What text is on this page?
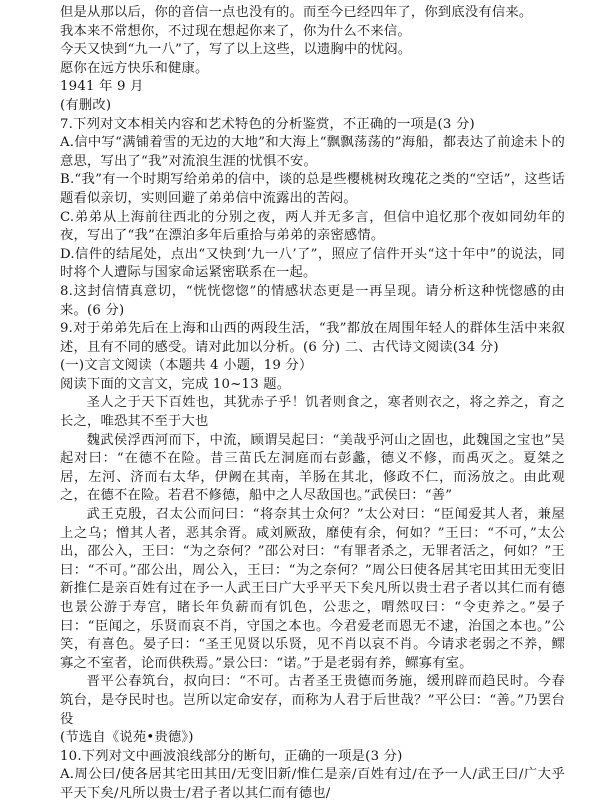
但是从那以后，你的音信一点也没有的。而至今已经四年了，你到底没有信来。
我本来不常想你，不过现在想起你来了，你为什么不来信。
今天又快到“九一八”了，写了以上这些，以遗胸中的忧闷。
愿你在远方快乐和健康。
1941 年 9 月
(有删改)
7.下列对文本相关内容和艺术特色的分析鉴赏，不正确的一项是(3 分)
A.信中写“满铺着雪的无边的大地”和大海上“飘飘荡荡的”海船，都表达了前途未卜的意思，写出了“我”对流浪生涯的忧惧不安。
B.“我”有一个时期写给弟弟的信中，谈的总是些樱桃树玫瑰花之类的“空话”，这些话题看似亲切，实则回避了弟弟信中流露出的苦闷。
C.弟弟从上海前往西北的分别之夜，两人并无多言，但信中追忆那个夜如同幼年的夜，写出了“我”在漂泊多年后重拾与弟弟的亲密感情。
D.信件的结尾处，点出“又快到‘九一八’了”，照应了信件开头“这十年中”的说法，同时将个人遭际与国家命运紧密联系在一起。
8.这封信情真意切，“恍恍惚惚”的情感状态更是一再呈现。请分析这种恍惚感的由来。(6 分)
9.对于弟弟先后在上海和山西的两段生活，“我”都放在周围年轻人的群体生活中来叙述，且有不同的感受。请对此加以分析。(6 分) 二、古代诗文阅读(34 分)
(一)文言文阅读（本题共 4 小题，19 分）
阅读下面的文言文，完成 10~13 题。
圣人之于天下百姓也，其犹赤子乎！饥者则食之，寒者则衣之，将之养之，育之长之，唯恐其不至于大也
魏武侯浮西河而下，中流，顾谓吴起曰：“美哉乎河山之固也，此魏国之宝也”吴起对曰：“在德不在险。昔三苗氏左洞庭而右彭蠡，德义不修，而禹灭之。夏桀之居，左河、济而右太华，伊阙在其南，羊肠在其北，修政不仁，而汤放之。由此观之，在德不在险。若君不修德，船中之人尽敌国也。”武侯曰：“善”
武王克殷，召太公而问曰：“将奈其士众何？”太公对曰：“臣闻爱其人者，兼屋上之乌；憎其人者，恶其余胥。咸刘厥敌，靡使有余，何如？”王曰：“不可，”太公出，邵公入，王曰：“为之奈何？”邵公对曰：“有罪者杀之，无罪者活之，何如？”王曰：“不可。”邵公出，周公入，王曰：“为之奈何？”周公曰使各居其宅田其田无变旧新推仁是亲百姓有过在予一人武王曰广大乎平天下矣凡所以贵士君子者以其仁而有德也景公游于寿宫，睹长年负薪而有饥色，公悲之，喟然叹曰：“令吏养之。”晏子曰：“臣闻之，乐贤而哀不肖，守国之本也。今君爱老而恩无不逮，治国之本也。”公笑，有喜色。晏子曰：“圣王见贤以乐贤，见不肖以哀不肖。今请求老弱之不养，鳏寡之不室者，论而供秩焉。”景公曰：“诺。”于是老弱有养，鳏寡有室。
晋平公春筑台，叔向曰：“不可。古者圣王贵德而务施，缓刑辟而趋民时。今春筑台，是夺民时也。岂所以定命安存，而称为人君于后世哉？”平公曰：“善。”乃罢台役
(节选自《说苑•贵德》)
10.下列对文中画波浪线部分的断句，正确的一项是(3 分)
A.周公曰/使各居其宅田其田/无变旧新/惟仁是亲/百姓有过/在予一人/武王曰/广大乎平天下矣/凡所以贵士/君子者以其仁而有德也/
